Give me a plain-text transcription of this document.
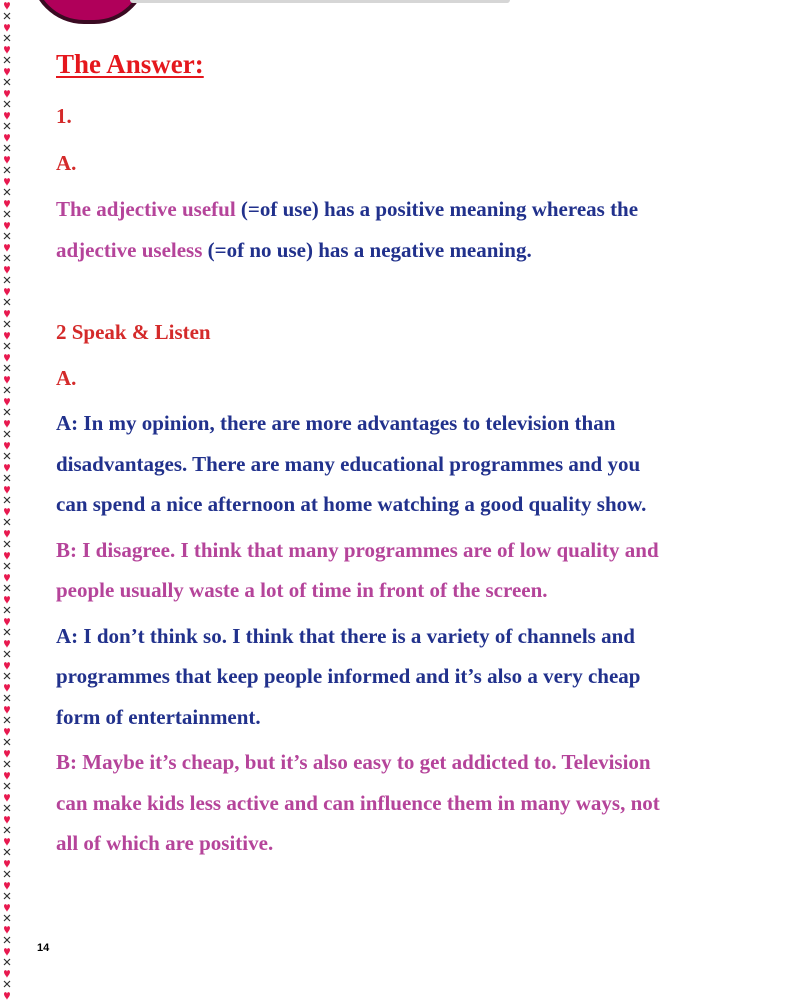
The Answer:

1.

A.

The adjective useful (=of use) has a positive meaning whereas the
adjective useless (=of no use) has a negative meaning.

2 Speak & Listen

A.

A: In my opinion, there are more advantages to television than
disadvantages. There are many educational programmes and you
can spend a nice afternoon at home watching a good quality show.

B: I disagree. I think that many programmes are of low quality and
people usually waste a lot of time in front of the screen.

A: I don’t think so. I think that there is a variety of channels and
programmes that keep people informed and it’s also a very cheap
form of entertainment.

B: Maybe it’s cheap, but it’s also easy to get addicted to. Television
can make kids less active and can influence them in many ways, not
all of which are positive.

14
